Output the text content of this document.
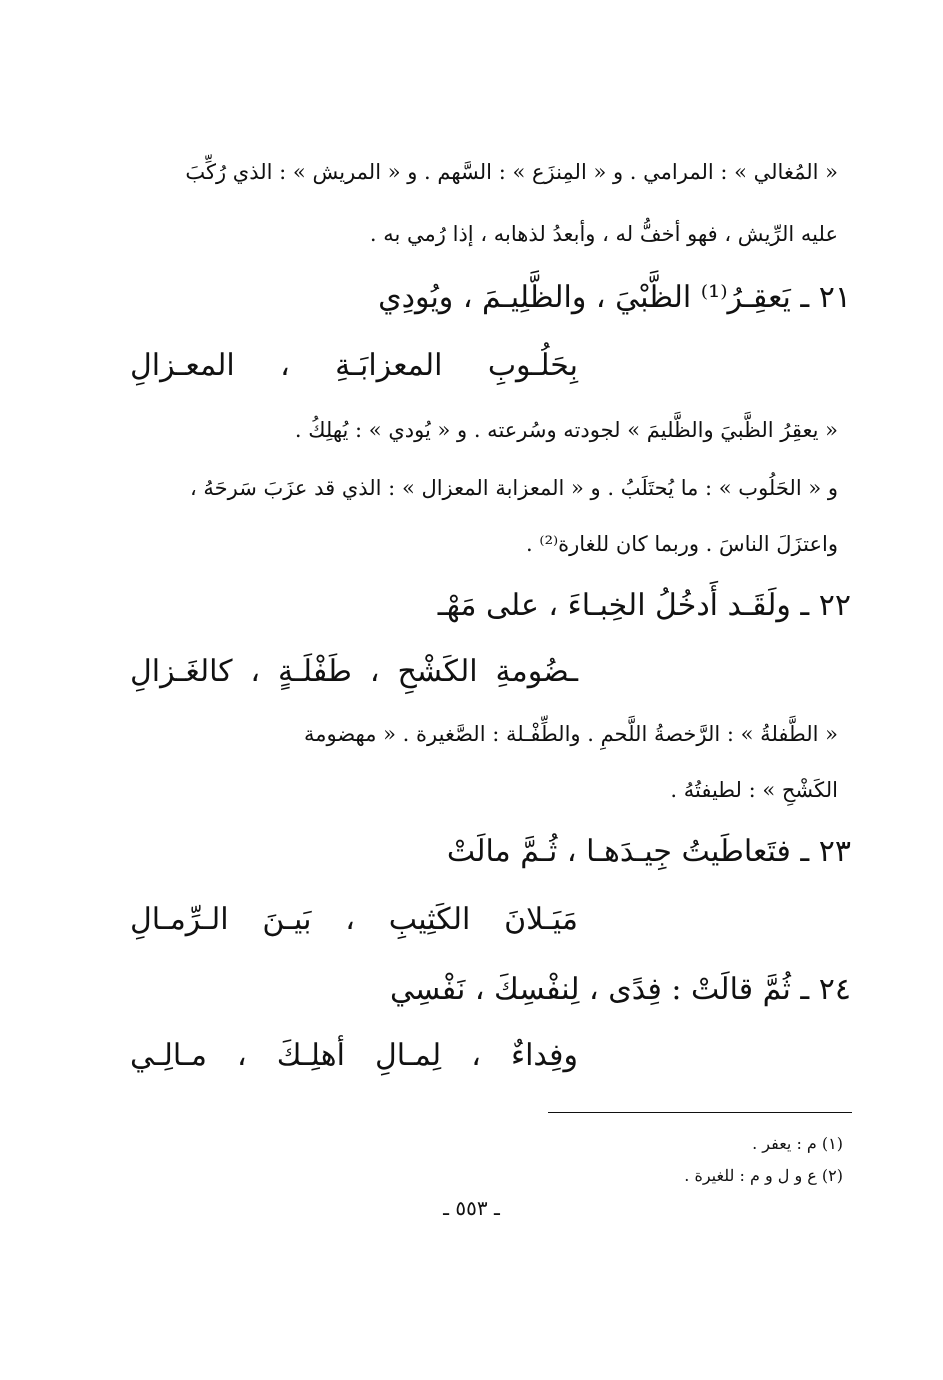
« المُغالي » : المرامي . و « المِنزَع » : السَّهم . و « المريش » : الذي رُكِّبَ
عليه الرِّيش ، فهو أخفُّ له ، وأبعدُ لذهابه ، إذا رُمي به .
٢١ ـ يَعقِـرُ⁽¹⁾ الظَّبْيَ ، والظَّلِيـمَ ، ويُودِي
بِحَلُـوبِ المعزابَـةِ ، المعـزالِ
« يعقِرُ الظَّبيَ والظَّليمَ » لجودته وسُرعته . و « يُودي » : يُهلِكُ .
و « الحَلُوب » : ما يُحتَلَبُ . و « المعزابة المعزال » : الذي قد عزَبَ سَرحَهُ ،
واعتزَلَ الناسَ . وربما كان للغارة⁽²⁾ .
٢٢ ـ ولَقَـد أَدخُلُ الخِبـاءَ ، على مَهْـ
ـضُومةِ الكَشْحِ ، طَفْلَـةٍ ، كالغَـزالِ
« الطَّفلةُ » : الرَّخصةُ اللَّحمِ . والطِّفْـلة : الصَّغيرة . « مهضومة
الكَشْحِ » : لطيفتُهُ .
٢٣ ـ فتَعاطَيتُ جِيـدَهـا ، ثُـمَّ مالَتْ
مَيَـلانَ الكَثِيبِ ، بَيـنَ الـرِّمـالِ
٢٤ ـ ثُمَّ قالَتْ : فِدًى ، لِنفْسِكَ ، نَفْسِي
وفِداءٌ ، لِمـالِ أهلِـكَ ، مـالِـي
(١) م : يعفر .
(٢) ع و ل و م : للغيرة .
ـ ٥٥٣ ـ
